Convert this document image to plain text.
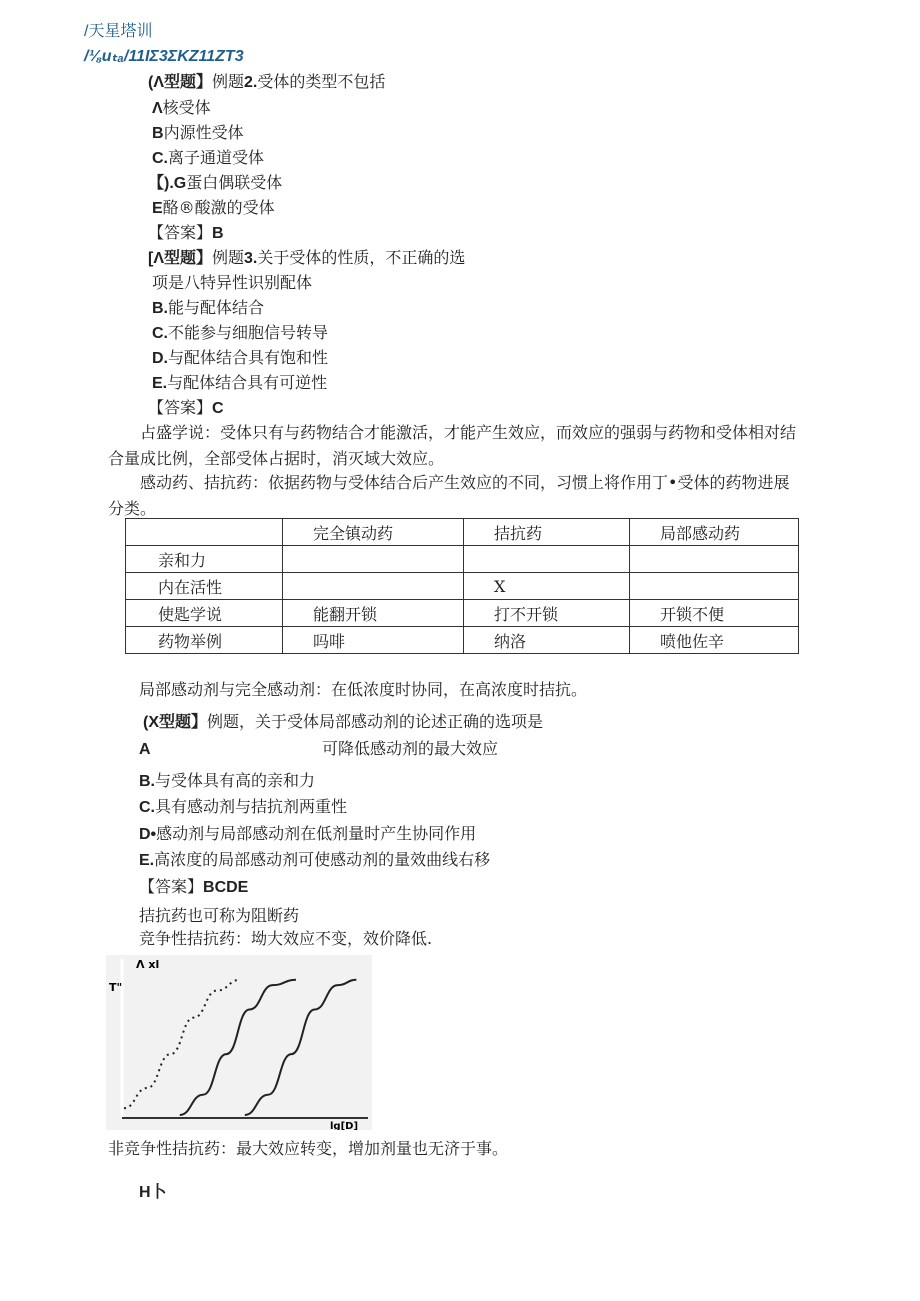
/天星塔训
/⅛uₜₐ/11IΣ3ΣKZ11ZT3
(Λ型题】例题2.受体的类型不包括
Λ核受体
B内源性受体
C.离子通道受体
【).G蛋白偶联受体
E酪®酸激的受体
【答案】B
[Λ型题】例题3.关于受体的性质，不正确的选
项是八特异性识别配体
B.能与配体结合
C.不能参与细胞信号转导
D.与配体结合具有饱和性
E.与配体结合具有可逆性
【答案】C
占盛学说：受体只有与药物结合才能激活，才能产生效应，而效应的强弱与药物和受体相对结合量成比例，全部受体占据时，消灭域大效应。
感动药、拮抗药：依据药物与受体结合后产生效应的不同，习惯上将作用丁•受体的药物进展分类。
	完全镇动药	拮抗药	局部感动药
亲和力			
内在活性		X	
使匙学说	能翻开锁	打不开锁	开锁不便
药物举例	吗啡	纳洛	喷他佐辛
局部感动剂与完全感动剂：在低浓度时协同，在高浓度时拮抗。
(X型题】例题，关于受体局部感动剂的论述正确的选项是
A	可降低感动剂的最大效应
B.与受体具有高的亲和力
C.具有感动剂与拮抗剂两重性
D•感动剂与局部感动剂在低剂量时产生协同作用
E.高浓度的局部感动剂可使感动剂的量效曲线右移
【答案】BCDE
拮抗药也可称为阻断药
竞争性拮抗药：坳大效应不变，效价降低.
T"
Λ xl
lg[D]
非竞争性拮抗药：最大效应转变，增加剂量也无济于事。
H卜
